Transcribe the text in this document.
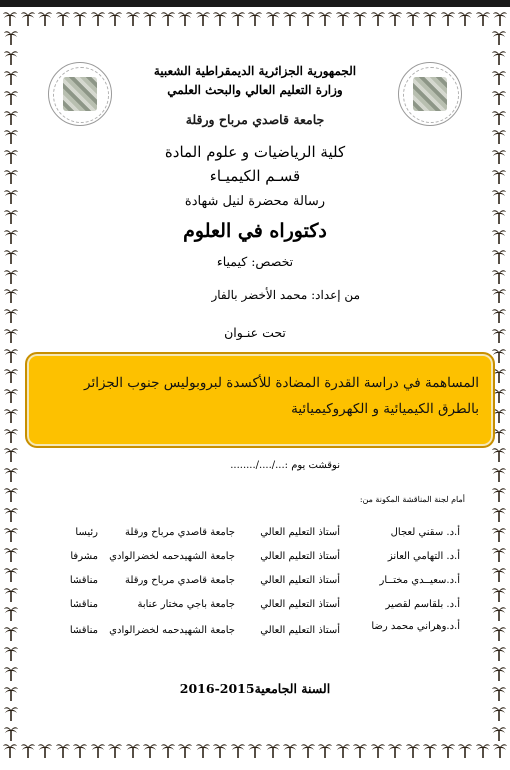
الجمهورية الجزائرية الديمقراطية الشعبية
وزارة التعليم العالي والبحث العلمي
جامعة قاصدي مرباح ورقلة
كلية الرياضيات و علوم المادة
قسـم الكيميـاء
رسالة محضرة لنيل شهادة
دكتوراه في العلوم
تخصص: كيمياء
من إعداد: محمد الأخضر بالفار
تحت عنـوان
المساهمة في دراسة القدرة المضادة للأكسدة لبروبوليس جنوب الجزائر بالطرق الكيميائية و الكهروكيميائية
نوقشت يوم :.../..../........
أمام لجنة المناقشة المكونة من:
أ.د. سقني لعجال
أستاذ التعليم العالي
جامعة قاصدي مرباح ورقلة
رئيسا
أ.د. التهامي العانز
أستاذ التعليم العالي
جامعة الشهيدحمه لخضرالوادي
مشرفا
أ.د.سعيــدي مختــار
أستاذ التعليم العالي
جامعة قاصدي مرباح ورقلة
مناقشا
أ.د. بلقاسم لقصير
أستاذ التعليم العالي
جامعة باجي مختار عنابة
مناقشا
أ.د.وهراني محمد رضا
أستاذ التعليم العالي
جامعة الشهيدحمه لخضرالوادي
مناقشا
السنة الجامعية2015-2016
